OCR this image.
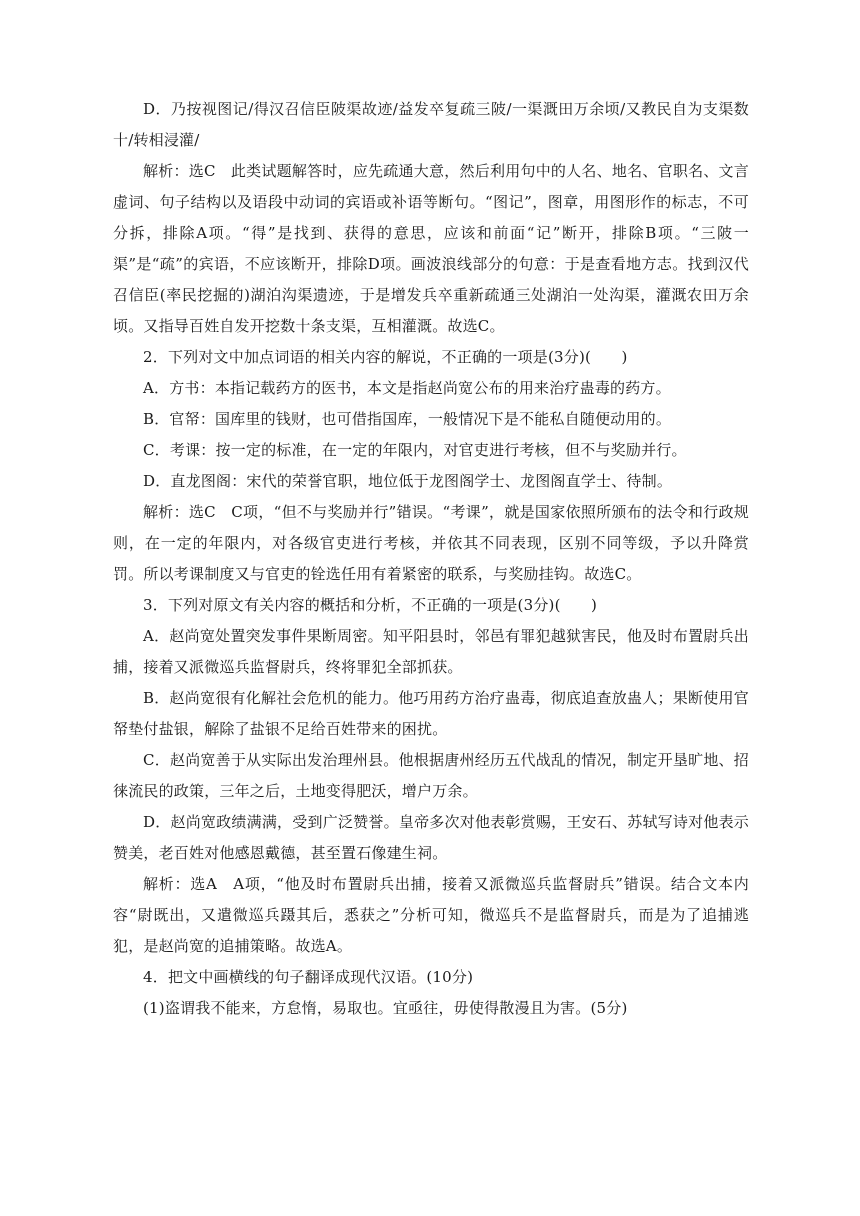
D．乃按视图记/得汉召信臣陂渠故迹/益发卒复疏三陂/一渠溉田万余顷/又教民自为支渠数十/转相浸灌/

解析：选C　此类试题解答时，应先疏通大意，然后利用句中的人名、地名、官职名、文言虚词、句子结构以及语段中动词的宾语或补语等断句。“图记”，图章，用图形作的标志，不可分拆，排除A项。“得”是找到、获得的意思，应该和前面“记”断开，排除B项。“三陂一渠”是“疏”的宾语，不应该断开，排除D项。画波浪线部分的句意：于是查看地方志。找到汉代召信臣(率民挖掘的)湖泊沟渠遗迹，于是增发兵卒重新疏通三处湖泊一处沟渠，灌溉农田万余顷。又指导百姓自发开挖数十条支渠，互相灌溉。故选C。

2．下列对文中加点词语的相关内容的解说，不正确的一项是(3分)(　　)

A．方书：本指记载药方的医书，本文是指赵尚宽公布的用来治疗蛊毒的药方。

B．官帑：国库里的钱财，也可借指国库，一般情况下是不能私自随便动用的。

C．考课：按一定的标准，在一定的年限内，对官吏进行考核，但不与奖励并行。

D．直龙图阁：宋代的荣誉官职，地位低于龙图阁学士、龙图阁直学士、待制。

解析：选C　C项，“但不与奖励并行”错误。“考课”，就是国家依照所颁布的法令和行政规则，在一定的年限内，对各级官吏进行考核，并依其不同表现，区别不同等级，予以升降赏罚。所以考课制度又与官吏的铨选任用有着紧密的联系，与奖励挂钩。故选C。

3．下列对原文有关内容的概括和分析，不正确的一项是(3分)(　　)

A．赵尚宽处置突发事件果断周密。知平阳县时，邻邑有罪犯越狱害民，他及时布置尉兵出捕，接着又派微巡兵监督尉兵，终将罪犯全部抓获。

B．赵尚宽很有化解社会危机的能力。他巧用药方治疗蛊毒，彻底追查放蛊人；果断使用官帑垫付盐银，解除了盐银不足给百姓带来的困扰。

C．赵尚宽善于从实际出发治理州县。他根据唐州经历五代战乱的情况，制定开垦旷地、招徕流民的政策，三年之后，土地变得肥沃，增户万余。

D．赵尚宽政绩满满，受到广泛赞誉。皇帝多次对他表彰赏赐，王安石、苏轼写诗对他表示赞美，老百姓对他感恩戴德，甚至置石像建生祠。

解析：选A　A项，“他及时布置尉兵出捕，接着又派微巡兵监督尉兵”错误。结合文本内容“尉既出，又遣微巡兵蹑其后，悉获之”分析可知，微巡兵不是监督尉兵，而是为了追捕逃犯，是赵尚宽的追捕策略。故选A。

4．把文中画横线的句子翻译成现代汉语。(10分)

(1)盗谓我不能来，方怠惰，易取也。宜亟往，毋使得散漫且为害。(5分)
